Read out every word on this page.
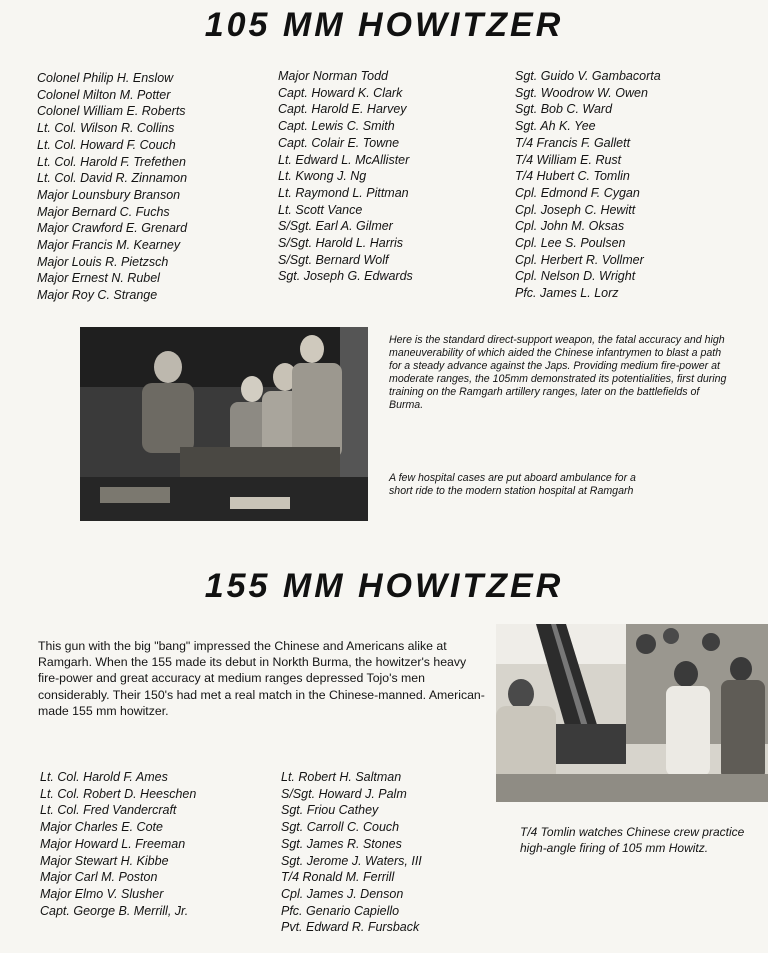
105 MM HOWITZER
Colonel Philip H. Enslow
Colonel Milton M. Potter
Colonel William E. Roberts
Lt. Col. Wilson R. Collins
Lt. Col. Howard F. Couch
Lt. Col. Harold F. Trefethen
Lt. Col. David R. Zinnamon
Major Lounsbury Branson
Major Bernard C. Fuchs
Major Crawford E. Grenard
Major Francis M. Kearney
Major Louis R. Pietzsch
Major Ernest N. Rubel
Major Roy C. Strange
Major Norman Todd
Capt. Howard K. Clark
Capt. Harold E. Harvey
Capt. Lewis C. Smith
Capt. Colair E. Towne
Lt. Edward L. McAllister
Lt. Kwong J. Ng
Lt. Raymond L. Pittman
Lt. Scott Vance
S/Sgt. Earl A. Gilmer
S/Sgt. Harold L. Harris
S/Sgt. Bernard Wolf
Sgt. Joseph G. Edwards
Sgt. Guido V. Gambacorta
Sgt. Woodrow W. Owen
Sgt. Bob C. Ward
Sgt. Ah K. Yee
T/4 Francis F. Gallett
T/4 William E. Rust
T/4 Hubert C. Tomlin
Cpl. Edmond F. Cygan
Cpl. Joseph C. Hewitt
Cpl. John M. Oksas
Cpl. Lee S. Poulsen
Cpl. Herbert R. Vollmer
Cpl. Nelson D. Wright
Pfc. James L. Lorz
Here is the standard direct-support weapon, the fatal accuracy and high maneuverability of which aided the Chinese infantrymen to blast a path for a steady advance against the Japs. Providing medium fire-power at moderate ranges, the 105mm demonstrated its potentialities, first during training on the Ramgarh artillery ranges, later on the battlefields of Burma.
A few hospital cases are put aboard ambulance for a short ride to the modern station hospital at Ramgarh
155 MM HOWITZER
This gun with the big "bang" impressed the Chinese and Americans alike at Ramgarh. When the 155 made its debut in Norkth Burma, the howitzer's heavy fire-power and great accuracy at medium ranges depressed Tojo's men considerably. Their 150's had met a real match in the Chinese-manned. American-made 155 mm howitzer.
T/4 Tomlin watches Chinese crew practice high-angle firing of 105 mm Howitz.
Lt. Col. Harold F. Ames
Lt. Col. Robert D. Heeschen
Lt. Col. Fred Vandercraft
Major Charles E. Cote
Major Howard L. Freeman
Major Stewart H. Kibbe
Major Carl M. Poston
Major Elmo V. Slusher
Capt. George B. Merrill, Jr.
Lt. Robert H. Saltman
S/Sgt. Howard J. Palm
Sgt. Friou Cathey
Sgt. Carroll C. Couch
Sgt. James R. Stones
Sgt. Jerome J. Waters, III
T/4 Ronald M. Ferrill
Cpl. James J. Denson
Pfc. Genario Capiello
Pvt. Edward R. Fursback
